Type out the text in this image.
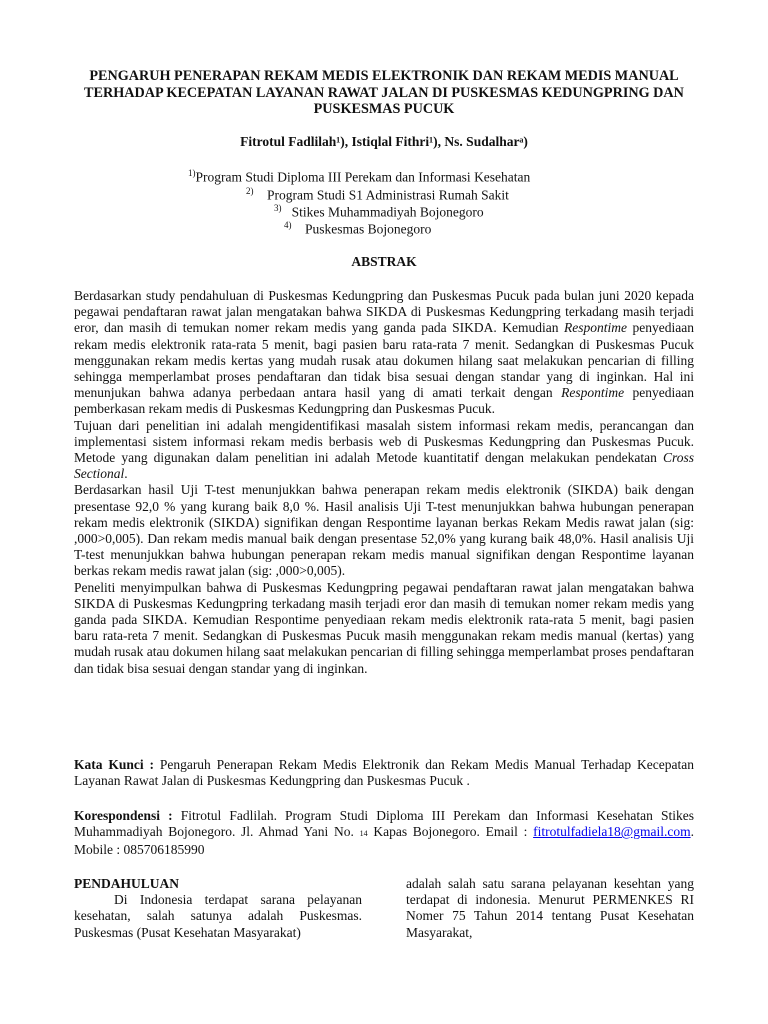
PENGARUH PENERAPAN REKAM MEDIS ELEKTRONIK DAN REKAM MEDIS MANUAL TERHADAP KECEPATAN LAYANAN RAWAT JALAN DI PUSKESMAS KEDUNGPRING DAN PUSKESMAS PUCUK
Fitrotul Fadlilah¹), Istiqlal Fithri¹), Ns. Sudalharᵃ)
$^{1)}$Program Studi Diploma III Perekam dan Informasi Kesehatan
$^{2)}$ Program Studi S1 Administrasi Rumah Sakit
$^{3)}$ Stikes Muhammadiyah Bojonegoro
$^{4)}$ Puskesmas Bojonegoro
ABSTRAK

Berdasarkan study pendahuluan di Puskesmas Kedungpring dan Puskesmas Pucuk pada bulan juni 2020 kepada pegawai pendaftaran rawat jalan mengatakan bahwa SIKDA di Puskesmas Kedungpring terkadang masih terjadi eror, dan masih di temukan nomer rekam medis yang ganda pada SIKDA. Kemudian Respontime penyediaan rekam medis elektronik rata-rata 5 menit, bagi pasien baru rata-rata 7 menit. Sedangkan di Puskesmas Pucuk menggunakan rekam medis kertas yang mudah rusak atau dokumen hilang saat melakukan pencarian di filling sehingga memperlambat proses pendaftaran dan tidak bisa sesuai dengan standar yang di inginkan. Hal ini menunjukan bahwa adanya perbedaan antara hasil yang di amati terkait dengan Respontime penyediaan pemberkasan rekam medis di Puskesmas Kedungpring dan Puskesmas Pucuk.

Tujuan dari penelitian ini adalah mengidentifikasi masalah sistem informasi rekam medis, perancangan dan implementasi sistem informasi rekam medis berbasis web di Puskesmas Kedungpring dan Puskesmas Pucuk. Metode yang digunakan dalam penelitian ini adalah Metode kuantitatif dengan melakukan pendekatan Cross Sectional.

Berdasarkan hasil Uji T-test menunjukkan bahwa penerapan rekam medis elektronik (SIKDA) baik dengan presentase 92,0 % yang kurang baik 8,0 %. Hasil analisis Uji T-test menunjukkan bahwa hubungan penerapan rekam medis elektronik (SIKDA) signifikan dengan Respontime layanan berkas Rekam Medis rawat jalan (sig: ,000>0,005). Dan rekam medis manual baik dengan presentase 52,0% yang kurang baik 48,0%. Hasil analisis Uji T-test menunjukkan bahwa hubungan penerapan rekam medis manual signifikan dengan Respontime layanan berkas rekam medis rawat jalan (sig: ,000>0,005).

Peneliti menyimpulkan bahwa di Puskesmas Kedungpring pegawai pendaftaran rawat jalan mengatakan bahwa SIKDA di Puskesmas Kedungpring terkadang masih terjadi eror dan masih di temukan nomer rekam medis yang ganda pada SIKDA. Kemudian Respontime penyediaan rekam medis elektronik rata-rata 5 menit, bagi pasien baru rata-reta 7 menit. Sedangkan di Puskesmas Pucuk masih menggunakan rekam medis manual (kertas) yang mudah rusak atau dokumen hilang saat melakukan pencarian di filling sehingga memperlambat proses pendaftaran dan tidak bisa sesuai dengan standar yang di inginkan.

Kata Kunci : Pengaruh Penerapan Rekam Medis Elektronik dan Rekam Medis Manual Terhadap Kecepatan Layanan Rawat Jalan di Puskesmas Kedungpring dan Puskesmas Pucuk .

Korespondensi : Fitrotul Fadlilah. Program Studi Diploma III Perekam dan Informasi Kesehatan Stikes Muhammadiyah Bojonegoro. Jl. Ahmad Yani No. 14 Kapas Bojonegoro. Email : fitrotulfadiela18@gmail.com. Mobile : 085706185990

PENDAHULUAN

Di Indonesia terdapat sarana pelayanan kesehatan, salah satunya adalah Puskesmas. Puskesmas (Pusat Kesehatan Masyarakat)

adalah salah satu sarana pelayanan kesehtan yang terdapat di indonesia. Menurut PERMENKES RI Nomer 75 Tahun 2014 tentang Pusat Kesehatan Masyarakat,
